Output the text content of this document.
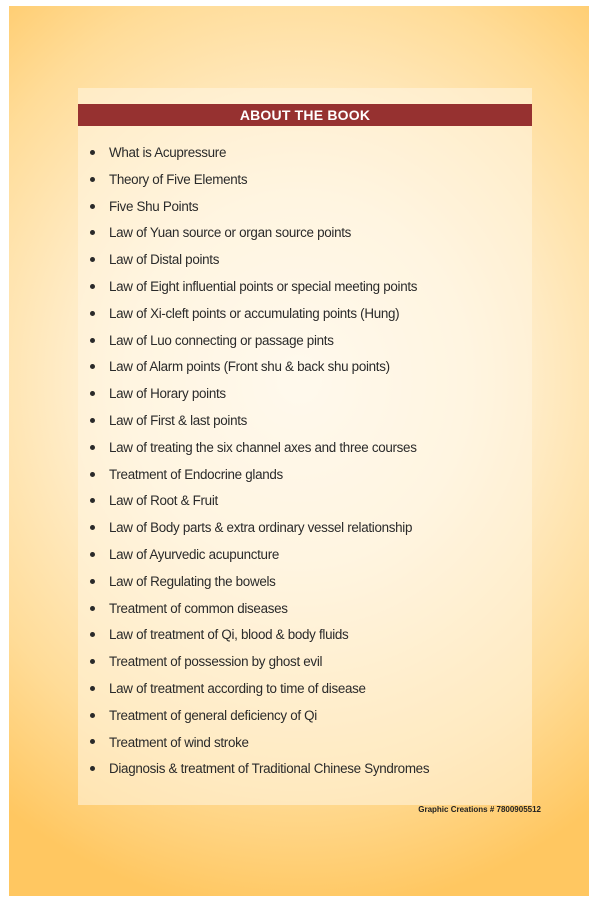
ABOUT THE BOOK
What is Acupressure
Theory of Five Elements
Five Shu Points
Law of Yuan source or organ source points
Law of Distal points
Law of Eight influential points or special meeting points
Law of Xi-cleft points or accumulating points (Hung)
Law of Luo connecting or passage pints
Law of Alarm points (Front shu & back shu points)
Law of Horary points
Law of First & last points
Law of treating the six channel axes and three courses
Treatment of Endocrine glands
Law of Root & Fruit
Law of Body parts & extra ordinary vessel relationship
Law of Ayurvedic acupuncture
Law of Regulating the bowels
Treatment of common diseases
Law of treatment of Qi, blood & body fluids
Treatment of possession by ghost evil
Law of treatment according to time of disease
Treatment of general deficiency of Qi
Treatment of wind stroke
Diagnosis & treatment of Traditional Chinese Syndromes
Graphic Creations # 7800905512
